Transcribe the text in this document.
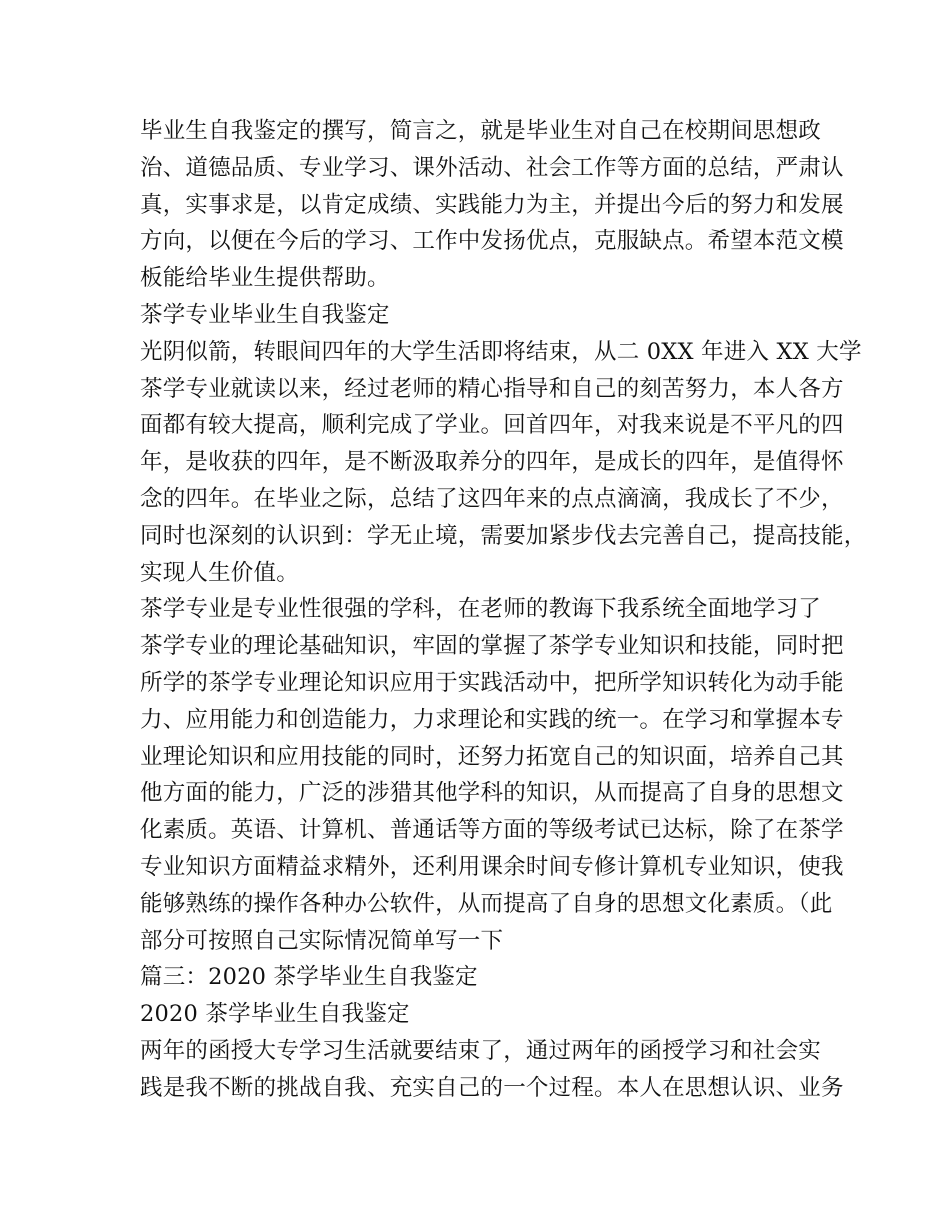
毕业生自我鉴定的撰写，简言之，就是毕业生对自己在校期间思想政
治、道德品质、专业学习、课外活动、社会工作等方面的总结，严肃认
真，实事求是，以肯定成绩、实践能力为主，并提出今后的努力和发展
方向，以便在今后的学习、工作中发扬优点，克服缺点。希望本范文模
板能给毕业生提供帮助。
茶学专业毕业生自我鉴定
光阴似箭，转眼间四年的大学生活即将结束，从二 0XX 年进入 XX 大学
茶学专业就读以来，经过老师的精心指导和自己的刻苦努力，本人各方
面都有较大提高，顺利完成了学业。回首四年，对我来说是不平凡的四
年，是收获的四年，是不断汲取养分的四年，是成长的四年，是值得怀
念的四年。在毕业之际，总结了这四年来的点点滴滴，我成长了不少，
同时也深刻的认识到：学无止境，需要加紧步伐去完善自己，提高技能，
实现人生价值。
茶学专业是专业性很强的学科，在老师的教诲下我系统全面地学习了
茶学专业的理论基础知识，牢固的掌握了茶学专业知识和技能，同时把
所学的茶学专业理论知识应用于实践活动中，把所学知识转化为动手能
力、应用能力和创造能力，力求理论和实践的统一。在学习和掌握本专
业理论知识和应用技能的同时，还努力拓宽自己的知识面，培养自己其
他方面的能力，广泛的涉猎其他学科的知识，从而提高了自身的思想文
化素质。英语、计算机、普通话等方面的等级考试已达标，除了在茶学
专业知识方面精益求精外，还利用课余时间专修计算机专业知识，使我
能够熟练的操作各种办公软件，从而提高了自身的思想文化素质。（此
部分可按照自己实际情况简单写一下
篇三：2020 茶学毕业生自我鉴定
2020 茶学毕业生自我鉴定
两年的函授大专学习生活就要结束了，通过两年的函授学习和社会实
践是我不断的挑战自我、充实自己的一个过程。本人在思想认识、业务
